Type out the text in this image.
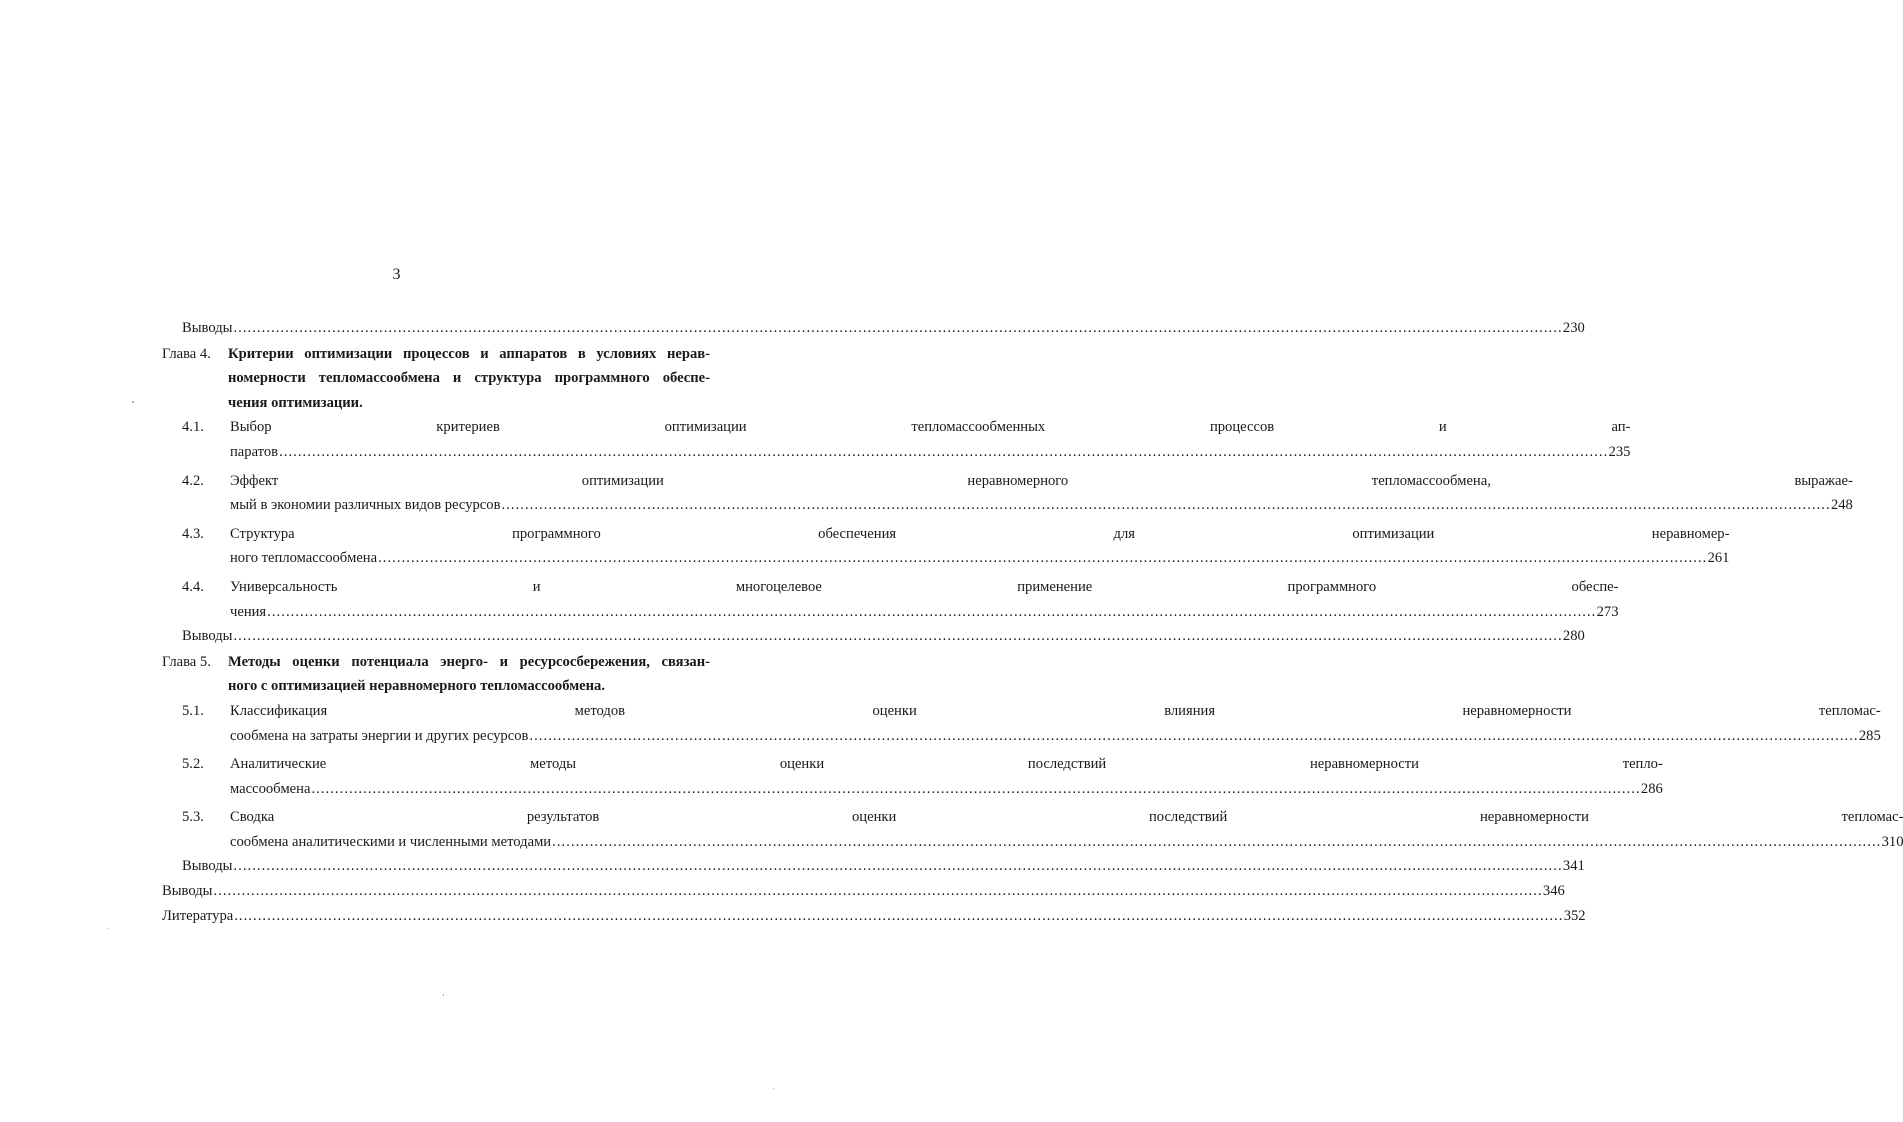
3
Выводы . . .	230
Глава 4.	Критерии оптимизации процессов и аппаратов в условиях нерав-
номерности тепломассообмена и структура программного обеспе-
чения оптимизации.
4.1.	Выбор критериев оптимизации тепломассообменных процессов и ап-
паратов . . .	235
4.2.	Эффект оптимизации неравномерного тепломассообмена, выражае-
мый в экономии различных видов ресурсов . . .	248
4.3.	Структура программного обеспечения для оптимизации неравномер-
ного тепломассообмена . . .	261
4.4.	Универсальность и многоцелевое применение программного обеспе-
чения . . .	273
Выводы . . .	280
Глава 5.	Методы оценки потенциала энерго- и ресурсосбережения, связан-
ного с оптимизацией неравномерного тепломассообмена.
5.1.	Классификация методов оценки влияния неравномерности тепломас-
сообмена на затраты энергии и других ресурсов . . .	285
5.2.	Аналитические методы оценки последствий неравномерности тепло-
массообмена . . .	286
5.3.	Сводка результатов оценки последствий неравномерности тепломас-
сообмена аналитическими и численными методами . . .	310
Выводы . . .	341
Выводы . . .	346
Литература . . .	352
